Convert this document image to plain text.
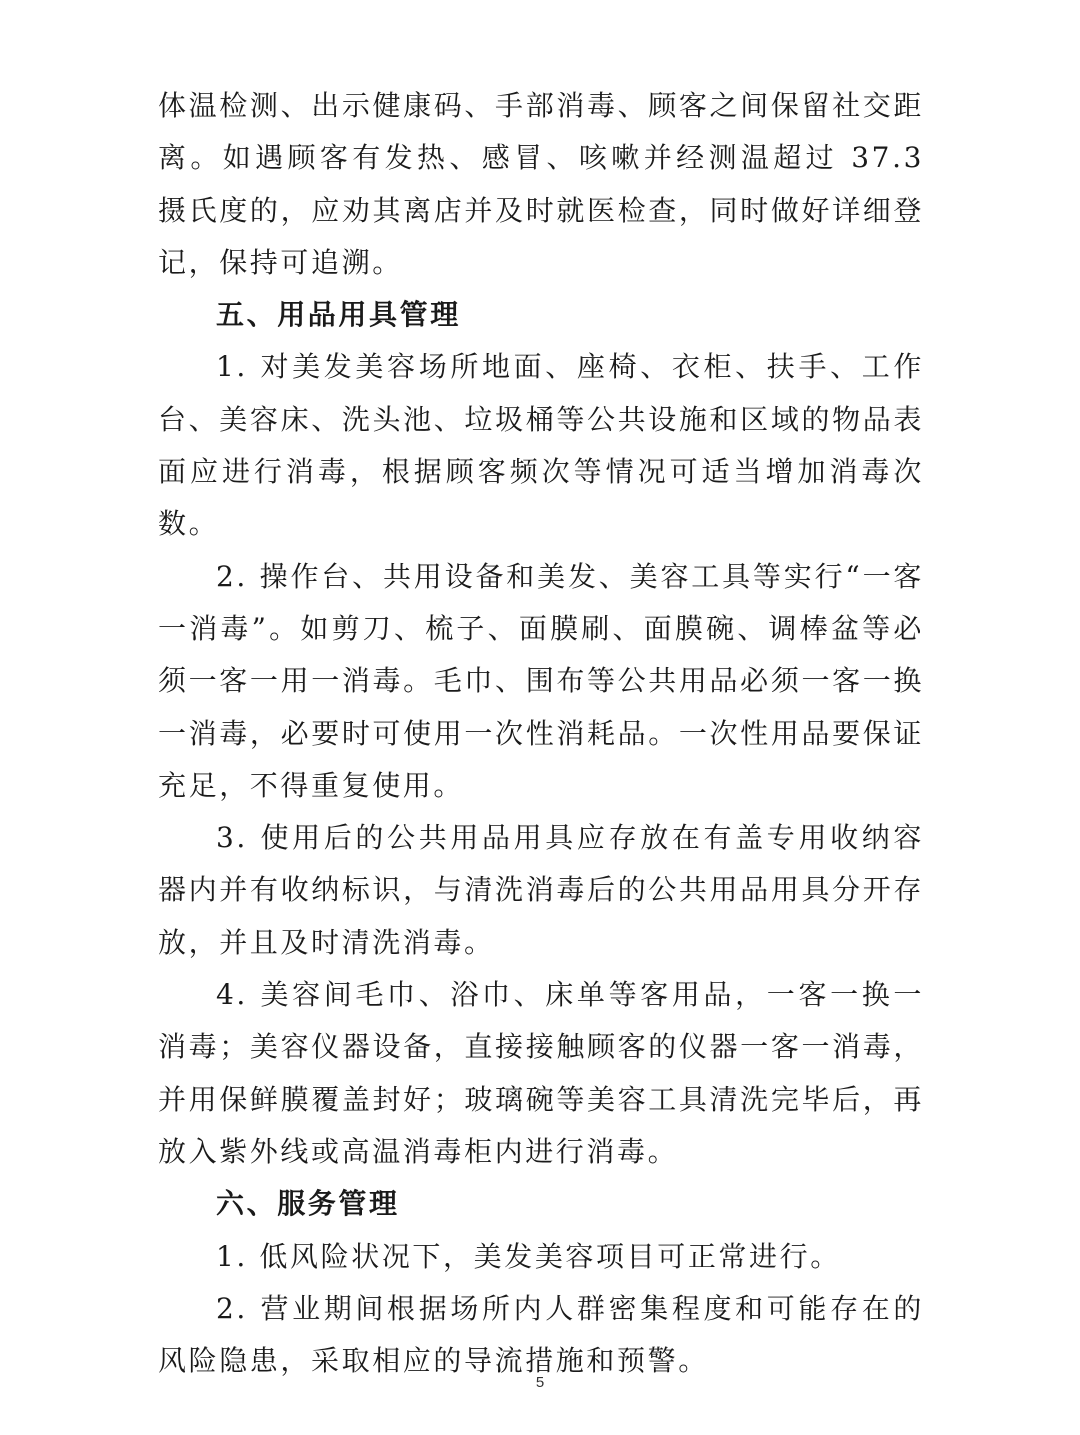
体温检测、出示健康码、手部消毒、顾客之间保留社交距离。如遇顾客有发热、感冒、咳嗽并经测温超过 37.3 摄氏度的，应劝其离店并及时就医检查，同时做好详细登记，保持可追溯。

五、用品用具管理

1. 对美发美容场所地面、座椅、衣柜、扶手、工作台、美容床、洗头池、垃圾桶等公共设施和区域的物品表面应进行消毒，根据顾客频次等情况可适当增加消毒次数。

2. 操作台、共用设备和美发、美容工具等实行“一客一消毒”。如剪刀、梳子、面膜刷、面膜碗、调棒盆等必须一客一用一消毒。毛巾、围布等公共用品必须一客一换一消毒，必要时可使用一次性消耗品。一次性用品要保证充足，不得重复使用。

3. 使用后的公共用品用具应存放在有盖专用收纳容器内并有收纳标识，与清洗消毒后的公共用品用具分开存放，并且及时清洗消毒。

4. 美容间毛巾、浴巾、床单等客用品，一客一换一消毒；美容仪器设备，直接接触顾客的仪器一客一消毒，并用保鲜膜覆盖封好；玻璃碗等美容工具清洗完毕后，再放入紫外线或高温消毒柜内进行消毒。

六、服务管理

1. 低风险状况下，美发美容项目可正常进行。

2. 营业期间根据场所内人群密集程度和可能存在的风险隐患，采取相应的导流措施和预警。

5
